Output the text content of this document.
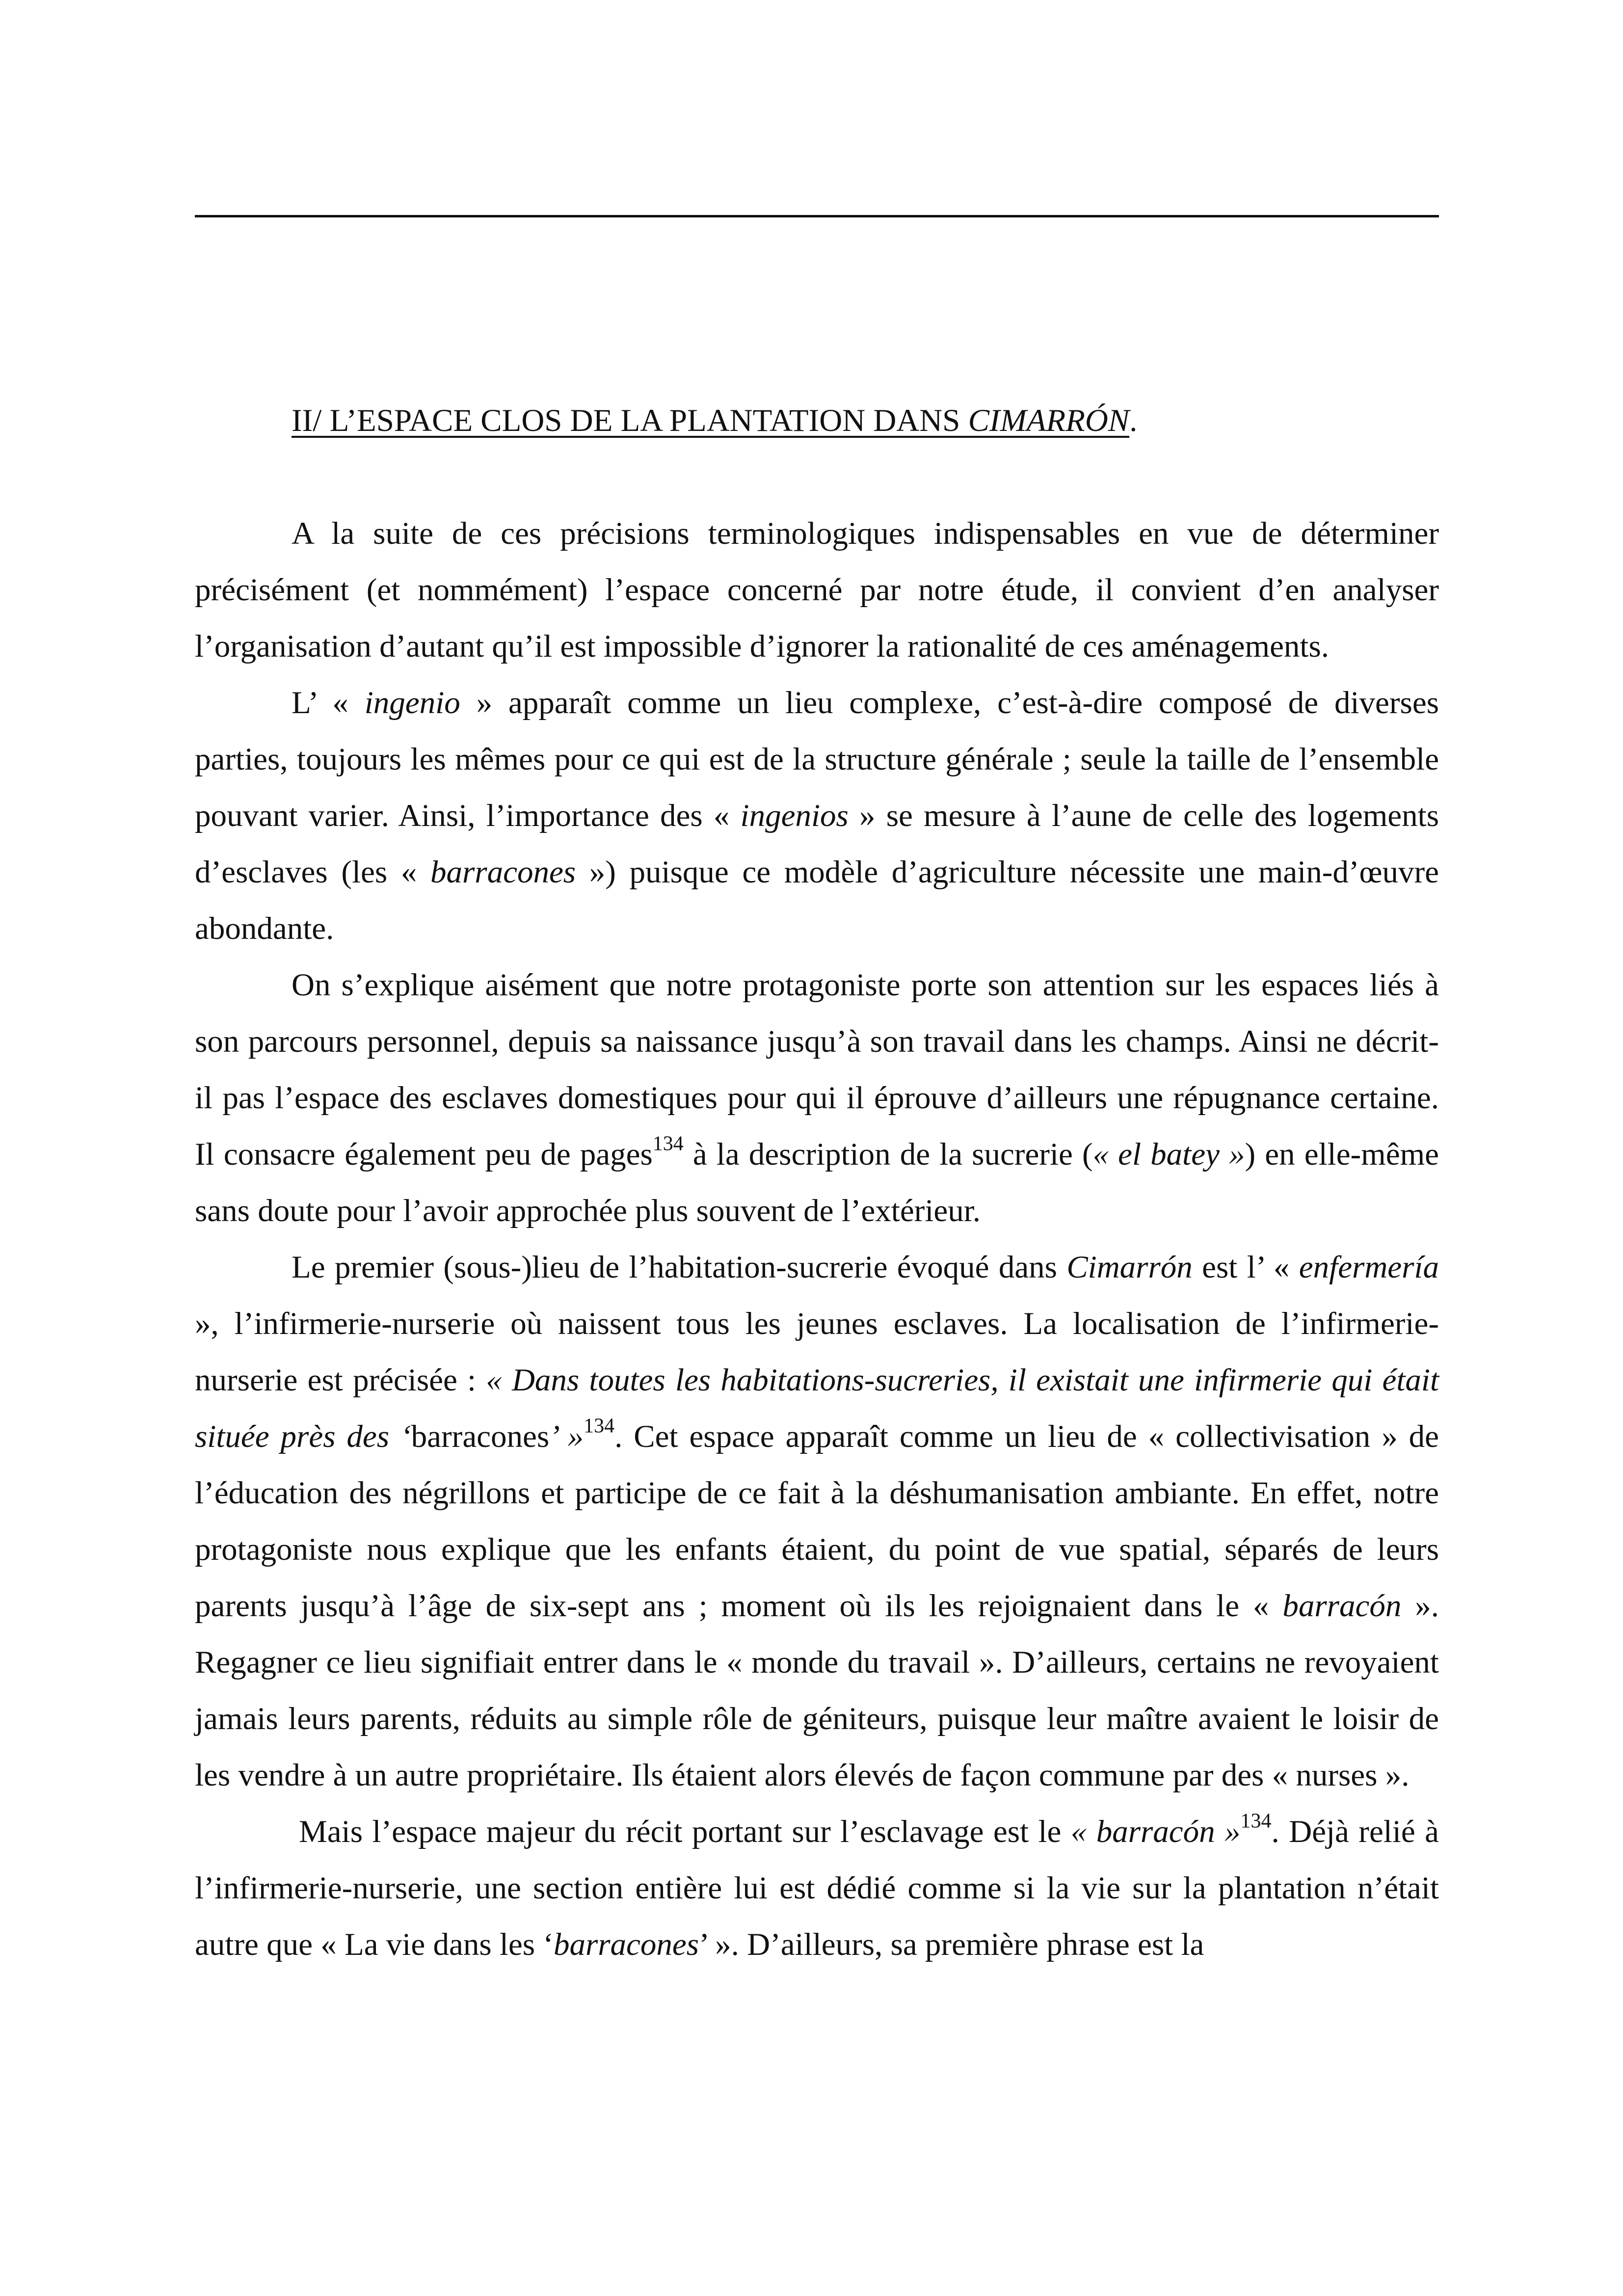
II/ L’ESPACE CLOS DE LA PLANTATION DANS CIMARRÓN.

A la suite de ces précisions terminologiques indispensables en vue de déterminer précisément (et nommément) l’espace concerné par notre étude, il convient d’en analyser l’organisation d’autant qu’il est impossible d’ignorer la rationalité de ces aménagements.

L’ « ingenio » apparaît comme un lieu complexe, c’est-à-dire composé de diverses parties, toujours les mêmes pour ce qui est de la structure générale ; seule la taille de l’ensemble pouvant varier. Ainsi, l’importance des « ingenios » se mesure à l’aune de celle des logements d’esclaves (les « barracones ») puisque ce modèle d’agriculture nécessite une main-d’œuvre abondante.

On s’explique aisément que notre protagoniste porte son attention sur les espaces liés à son parcours personnel, depuis sa naissance jusqu’à son travail dans les champs. Ainsi ne décrit-il pas l’espace des esclaves domestiques pour qui il éprouve d’ailleurs une répugnance certaine. Il consacre également peu de pages$^{134}$ à la description de la sucrerie (« el batey ») en elle-même sans doute pour l’avoir approchée plus souvent de l’extérieur.

Le premier (sous-)lieu de l’habitation-sucrerie évoqué dans Cimarrón est l’ « enfermería », l’infirmerie-nurserie où naissent tous les jeunes esclaves. La localisation de l’infirmerie-nurserie est précisée : « Dans toutes les habitations-sucreries, il existait une infirmerie qui était située près des ‘barracones’ »$^{134}$. Cet espace apparaît comme un lieu de « collectivisation » de l’éducation des négrillons et participe de ce fait à la déshumanisation ambiante. En effet, notre protagoniste nous explique que les enfants étaient, du point de vue spatial, séparés de leurs parents jusqu’à l’âge de six-sept ans ; moment où ils les rejoignaient dans le « barracón ». Regagner ce lieu signifiait entrer dans le « monde du travail ». D’ailleurs, certains ne revoyaient jamais leurs parents, réduits au simple rôle de géniteurs, puisque leur maître avaient le loisir de les vendre à un autre propriétaire. Ils étaient alors élevés de façon commune par des « nurses ».

Mais l’espace majeur du récit portant sur l’esclavage est le « barracón »$^{134}$. Déjà relié à l’infirmerie-nurserie, une section entière lui est dédié comme si la vie sur la plantation n’était autre que « La vie dans les ‘barracones’ ». D’ailleurs, sa première phrase est la
